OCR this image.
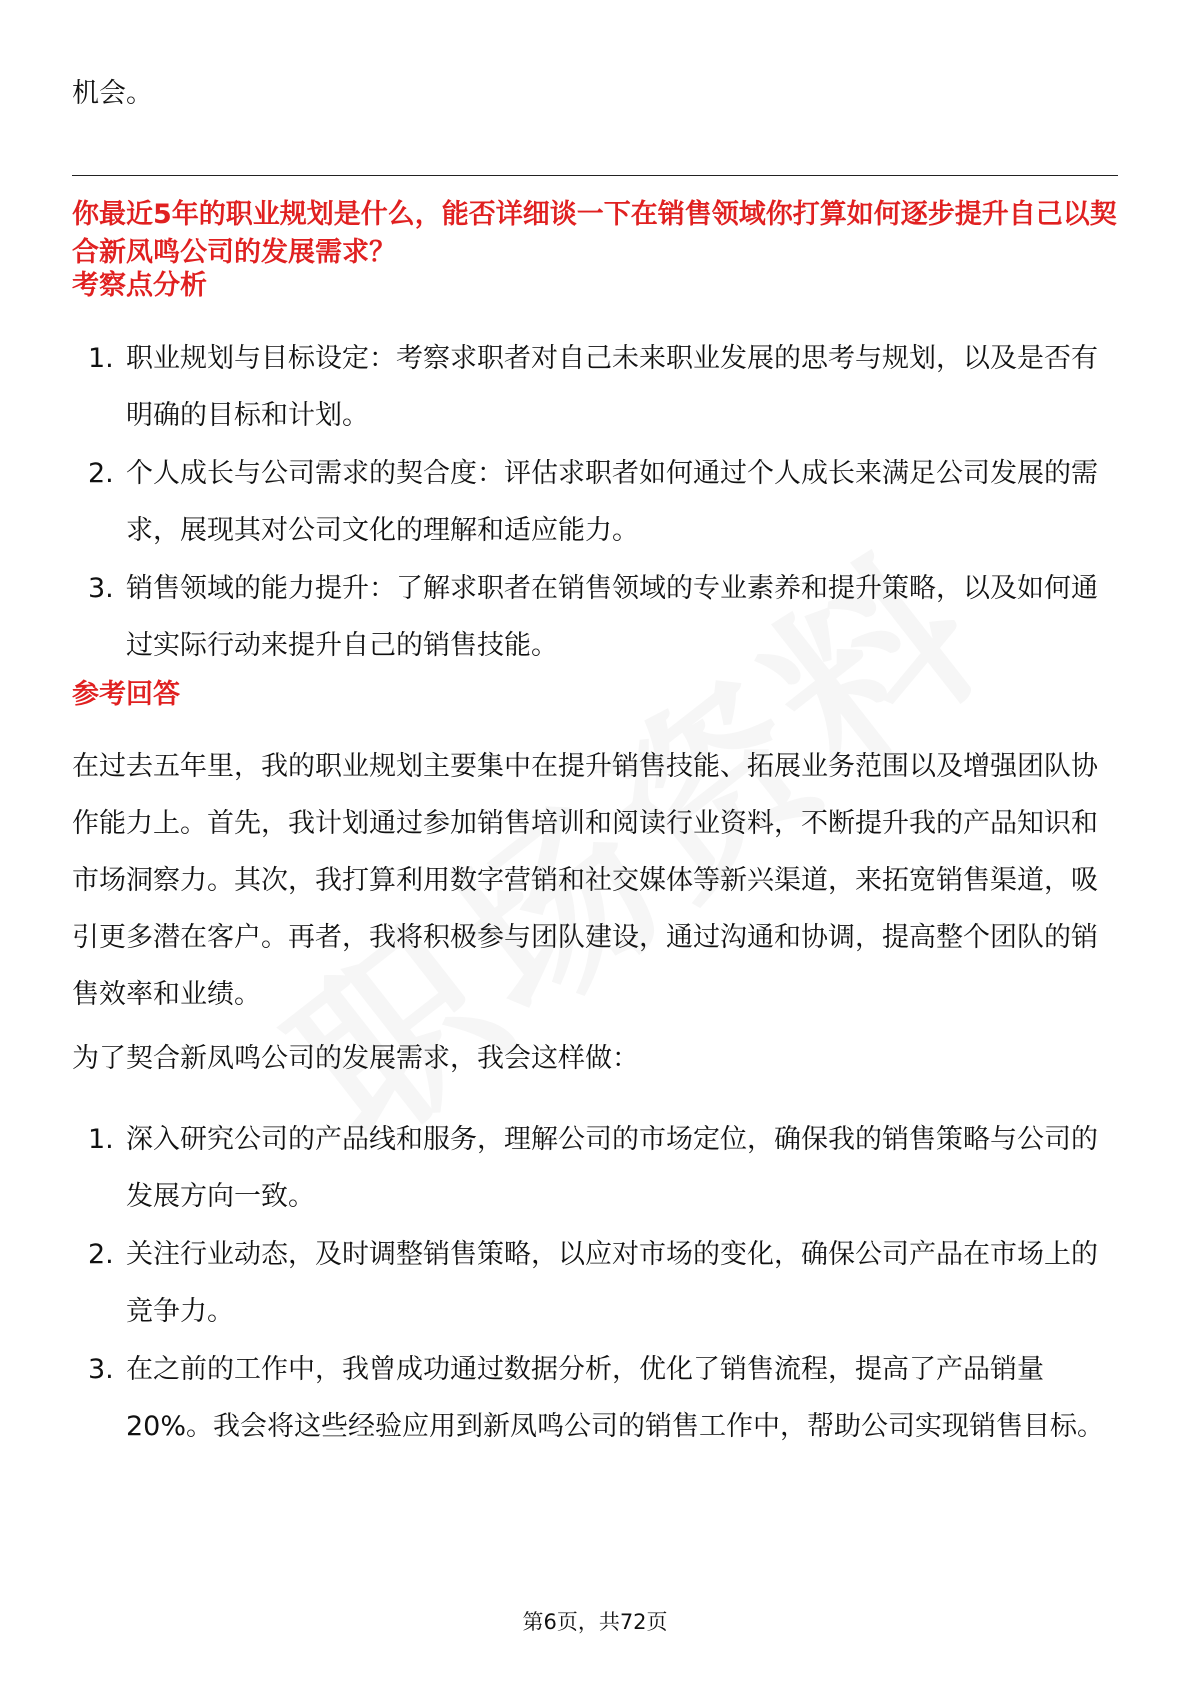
机会。
你最近5年的职业规划是什么，能否详细谈一下在销售领域你打算如何逐步提升自己以契合新凤鸣公司的发展需求？
考察点分析
1. 职业规划与目标设定：考察求职者对自己未来职业发展的思考与规划，以及是否有明确的目标和计划。
2. 个人成长与公司需求的契合度：评估求职者如何通过个人成长来满足公司发展的需求，展现其对公司文化的理解和适应能力。
3. 销售领域的能力提升：了解求职者在销售领域的专业素养和提升策略，以及如何通过实际行动来提升自己的销售技能。
参考回答

在过去五年里，我的职业规划主要集中在提升销售技能、拓展业务范围以及增强团队协作能力上。首先，我计划通过参加销售培训和阅读行业资料，不断提升我的产品知识和市场洞察力。其次，我打算利用数字营销和社交媒体等新兴渠道，来拓宽销售渠道，吸引更多潜在客户。再者，我将积极参与团队建设，通过沟通和协调，提高整个团队的销售效率和业绩。

为了契合新凤鸣公司的发展需求，我会这样做：

1. 深入研究公司的产品线和服务，理解公司的市场定位，确保我的销售策略与公司的发展方向一致。
2. 关注行业动态，及时调整销售策略，以应对市场的变化，确保公司产品在市场上的竞争力。
3. 在之前的工作中，我曾成功通过数据分析，优化了销售流程，提高了产品销量20%。我会将这些经验应用到新凤鸣公司的销售工作中，帮助公司实现销售目标。
第6页，共72页
